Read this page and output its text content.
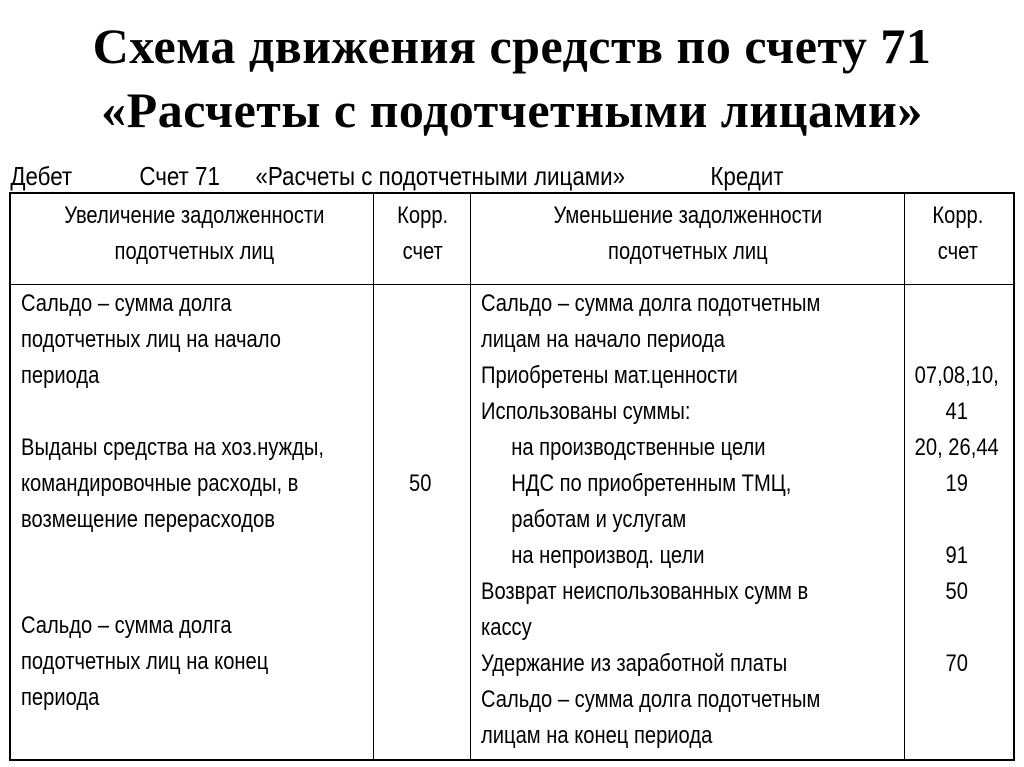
Схема движения средств по счету 71
«Расчеты с подотчетными лицами»
Дебет	Счет 71 «Расчеты с подотчетными лицами»	Кредит
Увеличение задолженности
подотчетных лиц
Корр.
счет
Уменьшение задолженности
подотчетных лиц
Корр.
счет
Сальдо – сумма долга
подотчетных лиц на начало
периода
Выданы средства на хоз.нужды,
командировочные расходы, в
возмещение перерасходов
50
Сальдо – сумма долга
подотчетных лиц на конец
периода
Сальдо – сумма долга подотчетным
лицам на начало периода
Приобретены мат.ценности
Использованы суммы:
на производственные цели
НДС по приобретенным ТМЦ,
работам и услугам
на непроизвод. цели
Возврат неиспользованных сумм в
кассу
Удержание из заработной платы
Сальдо – сумма долга подотчетным
лицам на конец периода
07,08,10,
41
20, 26,44
19
91
50
70
